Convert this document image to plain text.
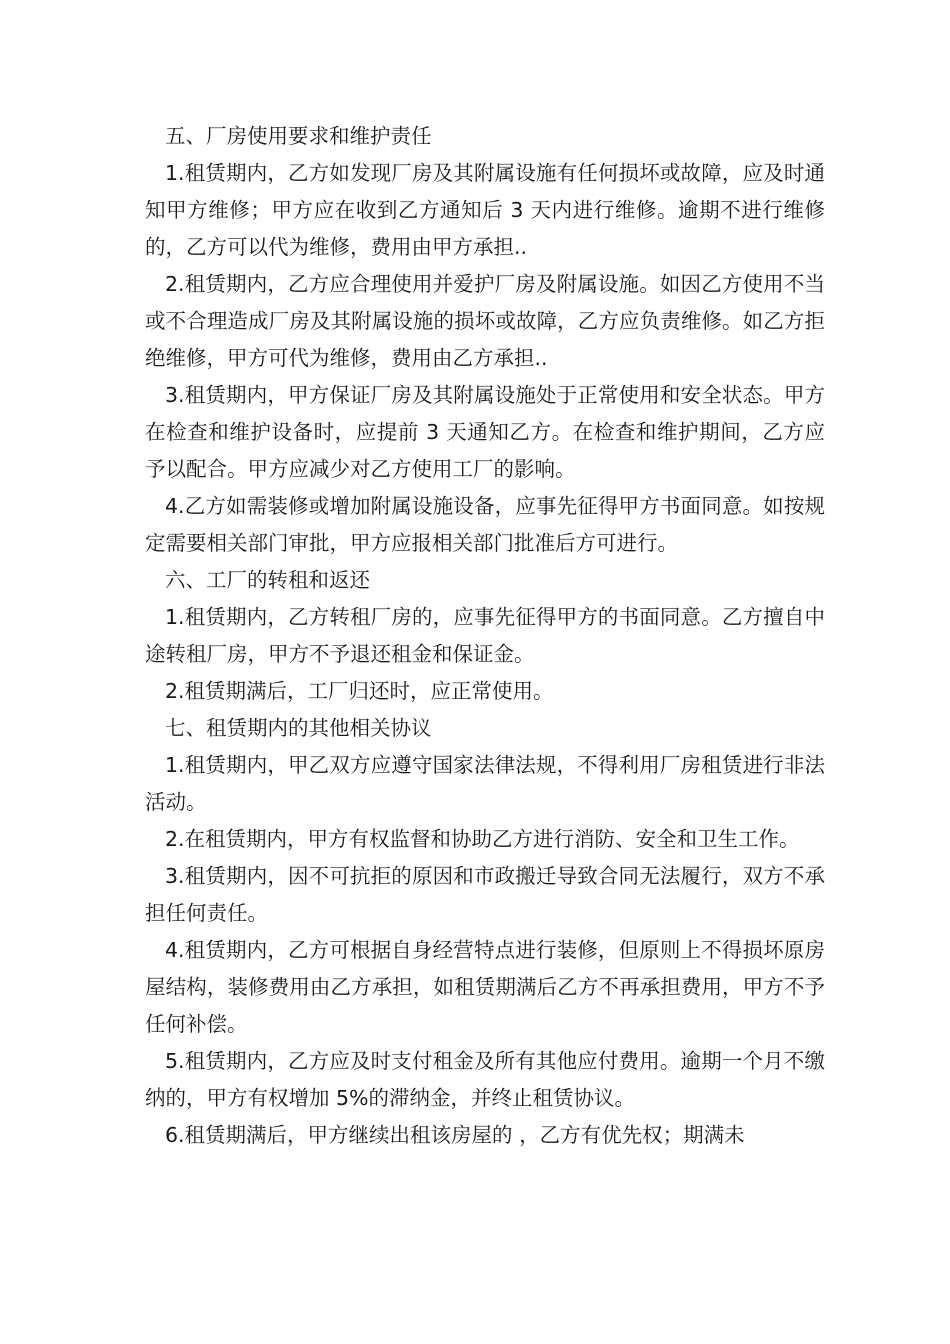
五、厂房使用要求和维护责任
1.租赁期内，乙方如发现厂房及其附属设施有任何损坏或故障，应及时通知甲方维修；甲方应在收到乙方通知后 3 天内进行维修。逾期不进行维修的，乙方可以代为维修，费用由甲方承担..
2.租赁期内，乙方应合理使用并爱护厂房及附属设施。如因乙方使用不当或不合理造成厂房及其附属设施的损坏或故障，乙方应负责维修。如乙方拒绝维修，甲方可代为维修，费用由乙方承担..
3.租赁期内，甲方保证厂房及其附属设施处于正常使用和安全状态。甲方在检查和维护设备时，应提前 3 天通知乙方。在检查和维护期间，乙方应予以配合。甲方应减少对乙方使用工厂的影响。
4.乙方如需装修或增加附属设施设备，应事先征得甲方书面同意。如按规定需要相关部门审批，甲方应报相关部门批准后方可进行。
六、工厂的转租和返还
1.租赁期内，乙方转租厂房的，应事先征得甲方的书面同意。乙方擅自中途转租厂房，甲方不予退还租金和保证金。
2.租赁期满后，工厂归还时，应正常使用。
七、租赁期内的其他相关协议
1.租赁期内，甲乙双方应遵守国家法律法规，不得利用厂房租赁进行非法活动。
2.在租赁期内，甲方有权监督和协助乙方进行消防、安全和卫生工作。
3.租赁期内，因不可抗拒的原因和市政搬迁导致合同无法履行，双方不承担任何责任。
4.租赁期内，乙方可根据自身经营特点进行装修，但原则上不得损坏原房屋结构，装修费用由乙方承担，如租赁期满后乙方不再承担费用，甲方不予任何补偿。
5.租赁期内，乙方应及时支付租金及所有其他应付费用。逾期一个月不缴纳的，甲方有权增加 5%的滞纳金，并终止租赁协议。
6.租赁期满后，甲方继续出租该房屋的 ，乙方有优先权；期满未
